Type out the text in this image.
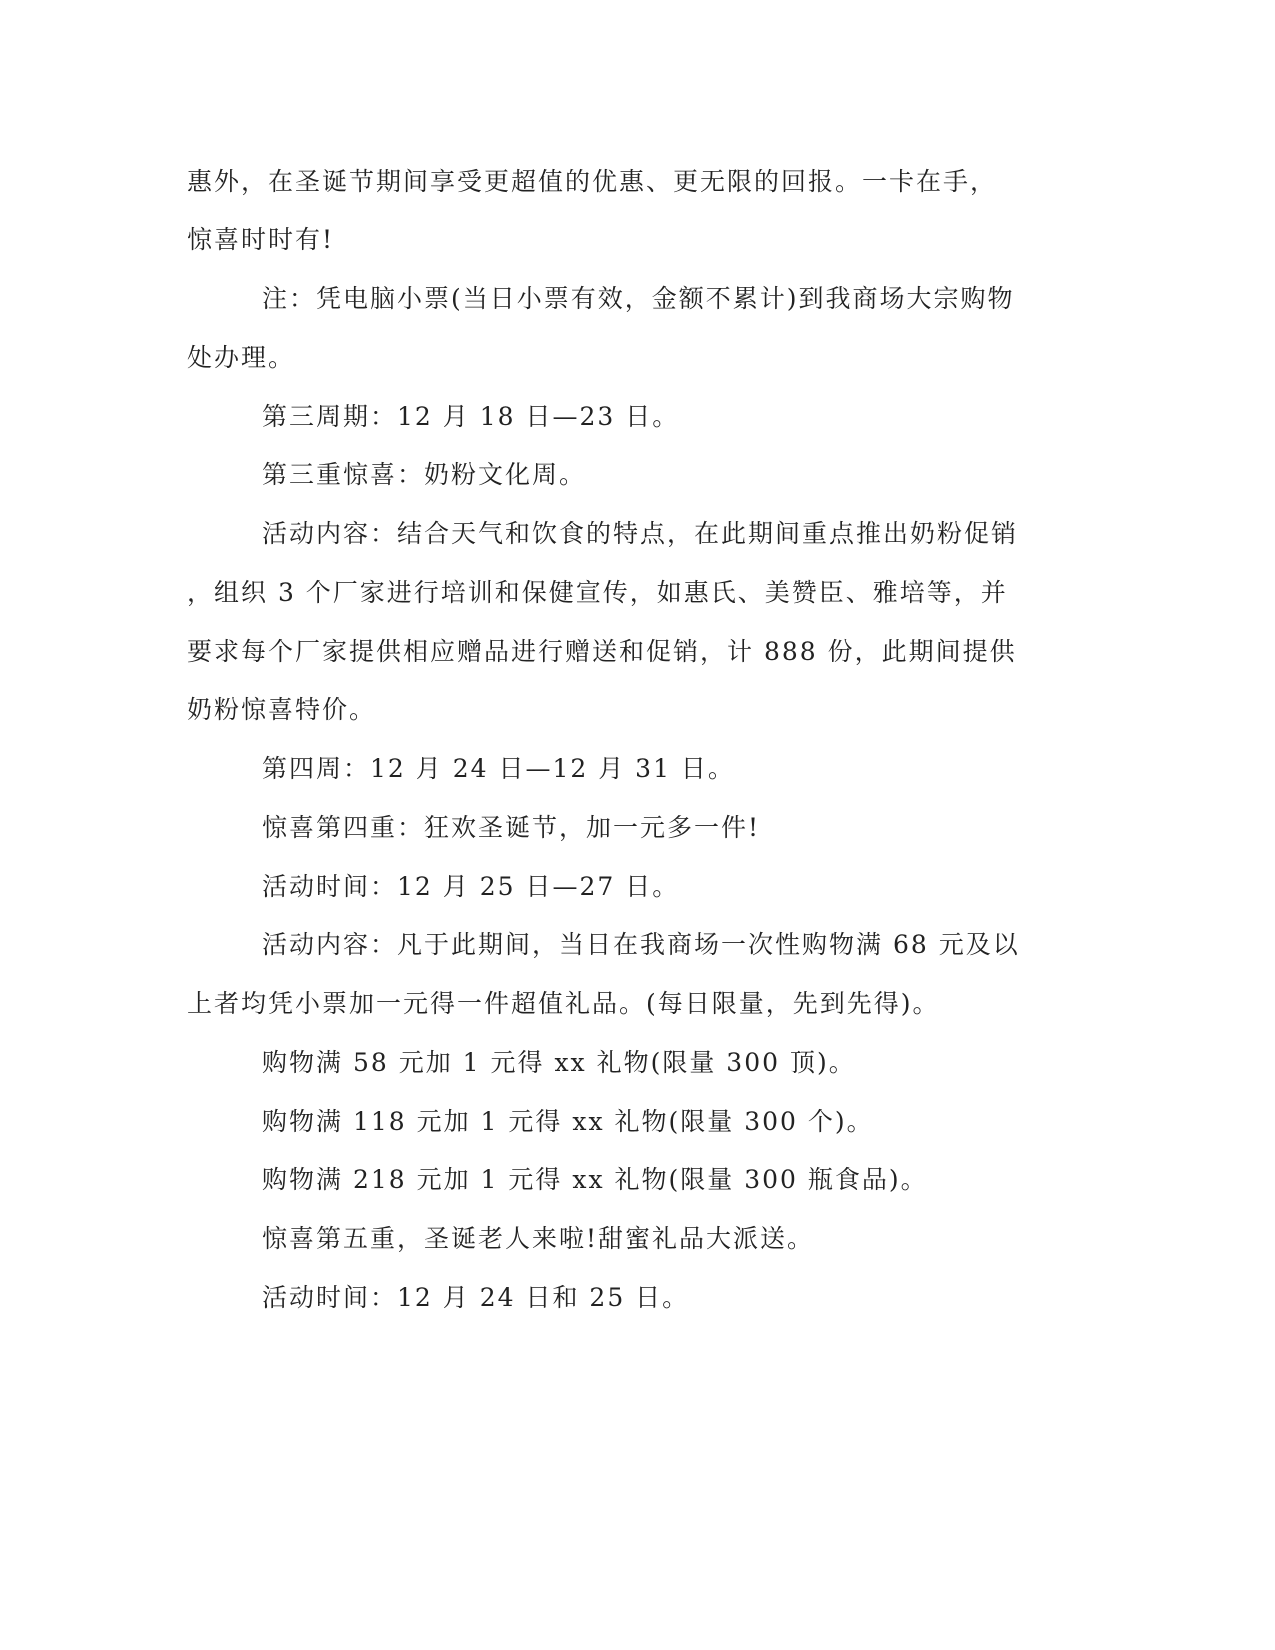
惠外，在圣诞节期间享受更超值的优惠、更无限的回报。一卡在手，
惊喜时时有!
注：凭电脑小票(当日小票有效，金额不累计)到我商场大宗购物
处办理。
第三周期：12 月 18 日—23 日。
第三重惊喜：奶粉文化周。
活动内容：结合天气和饮食的特点，在此期间重点推出奶粉促销
，组织 3 个厂家进行培训和保健宣传，如惠氏、美赞臣、雅培等，并
要求每个厂家提供相应赠品进行赠送和促销，计 888 份，此期间提供
奶粉惊喜特价。
第四周：12 月 24 日—12 月 31 日。
惊喜第四重：狂欢圣诞节，加一元多一件!
活动时间：12 月 25 日—27 日。
活动内容：凡于此期间，当日在我商场一次性购物满 68 元及以
上者均凭小票加一元得一件超值礼品。(每日限量，先到先得)。
购物满 58 元加 1 元得 xx 礼物(限量 300 顶)。
购物满 118 元加 1 元得 xx 礼物(限量 300 个)。
购物满 218 元加 1 元得 xx 礼物(限量 300 瓶食品)。
惊喜第五重，圣诞老人来啦!甜蜜礼品大派送。
活动时间：12 月 24 日和 25 日。
